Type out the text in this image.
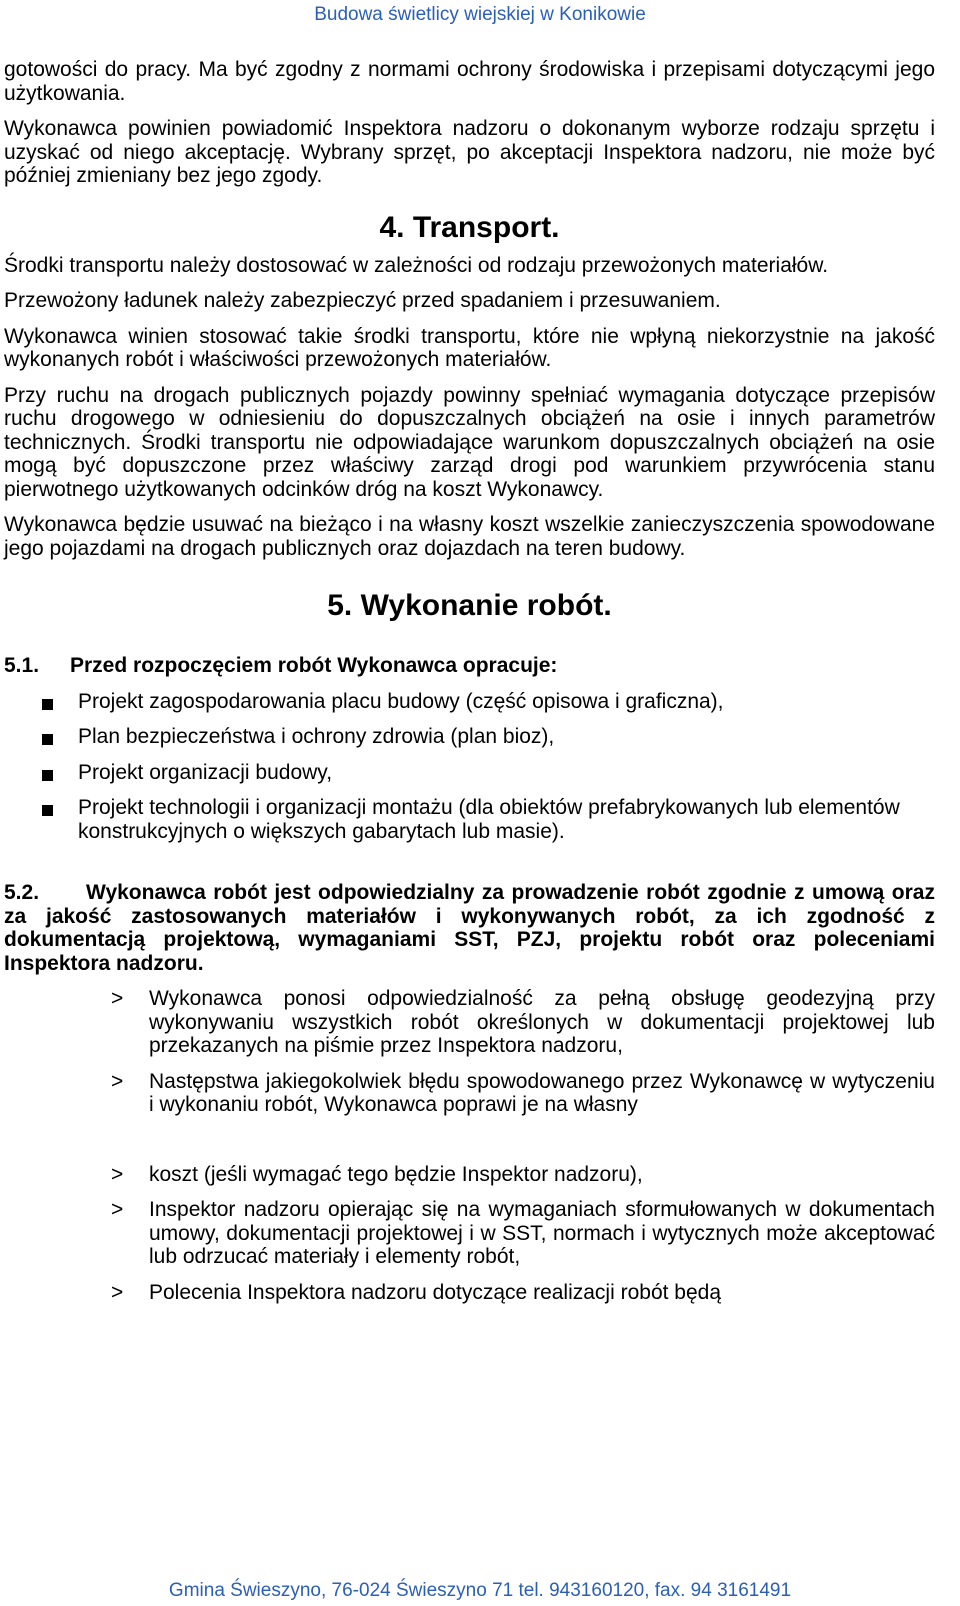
Budowa świetlicy wiejskiej w Konikowie

gotowości do pracy. Ma być zgodny z normami ochrony środowiska i przepisami dotyczącymi jego użytkowania.

Wykonawca powinien powiadomić Inspektora nadzoru o dokonanym wyborze rodzaju sprzętu i uzyskać od niego akceptację. Wybrany sprzęt, po akceptacji Inspektora nadzoru, nie może być później zmieniany bez jego zgody.

4. Transport.

Środki transportu należy dostosować w zależności od rodzaju przewożonych materiałów.

Przewożony ładunek należy zabezpieczyć przed spadaniem i przesuwaniem.

Wykonawca winien stosować takie środki transportu, które nie wpłyną niekorzystnie na jakość wykonanych robót i właściwości przewożonych materiałów.

Przy ruchu na drogach publicznych pojazdy powinny spełniać wymagania dotyczące przepisów ruchu drogowego w odniesieniu do dopuszczalnych obciążeń na osie i innych parametrów technicznych. Środki transportu nie odpowiadające warunkom dopuszczalnych obciążeń na osie mogą być dopuszczone przez właściwy zarząd drogi pod warunkiem przywrócenia stanu pierwotnego użytkowanych odcinków dróg na koszt Wykonawcy.

Wykonawca będzie usuwać na bieżąco i na własny koszt wszelkie zanieczyszczenia spowodowane jego pojazdami na drogach publicznych oraz dojazdach na teren budowy.

5. Wykonanie robót.
5.1. Przed rozpoczęciem robót Wykonawca opracuje:
Projekt zagospodarowania placu budowy (część opisowa i graficzna),
Plan bezpieczeństwa i ochrony zdrowia (plan bioz),
Projekt organizacji budowy,
Projekt technologii i organizacji montażu (dla obiektów prefabrykowanych lub elementów konstrukcyjnych o większych gabarytach lub masie).

5.2. Wykonawca robót jest odpowiedzialny za prowadzenie robót zgodnie z umową oraz za jakość zastosowanych materiałów i wykonywanych robót, za ich zgodność z dokumentacją projektową, wymaganiami SST, PZJ, projektu robót oraz poleceniami Inspektora nadzoru.

> Wykonawca ponosi odpowiedzialność za pełną obsługę geodezyjną przy wykonywaniu wszystkich robót określonych w dokumentacji projektowej lub przekazanych na piśmie przez Inspektora nadzoru,
> Następstwa jakiegokolwiek błędu spowodowanego przez Wykonawcę w wytyczeniu i wykonaniu robót, Wykonawca poprawi je na własny
> koszt (jeśli wymagać tego będzie Inspektor nadzoru),
> Inspektor nadzoru opierając się na wymaganiach sformułowanych w dokumentach umowy, dokumentacji projektowej i w SST, normach i wytycznych może akceptować lub odrzucać materiały i elementy robót,
> Polecenia Inspektora nadzoru dotyczące realizacji robót będą
Gmina Świeszyno, 76-024 Świeszyno 71 tel. 943160120, fax. 94 3161491
